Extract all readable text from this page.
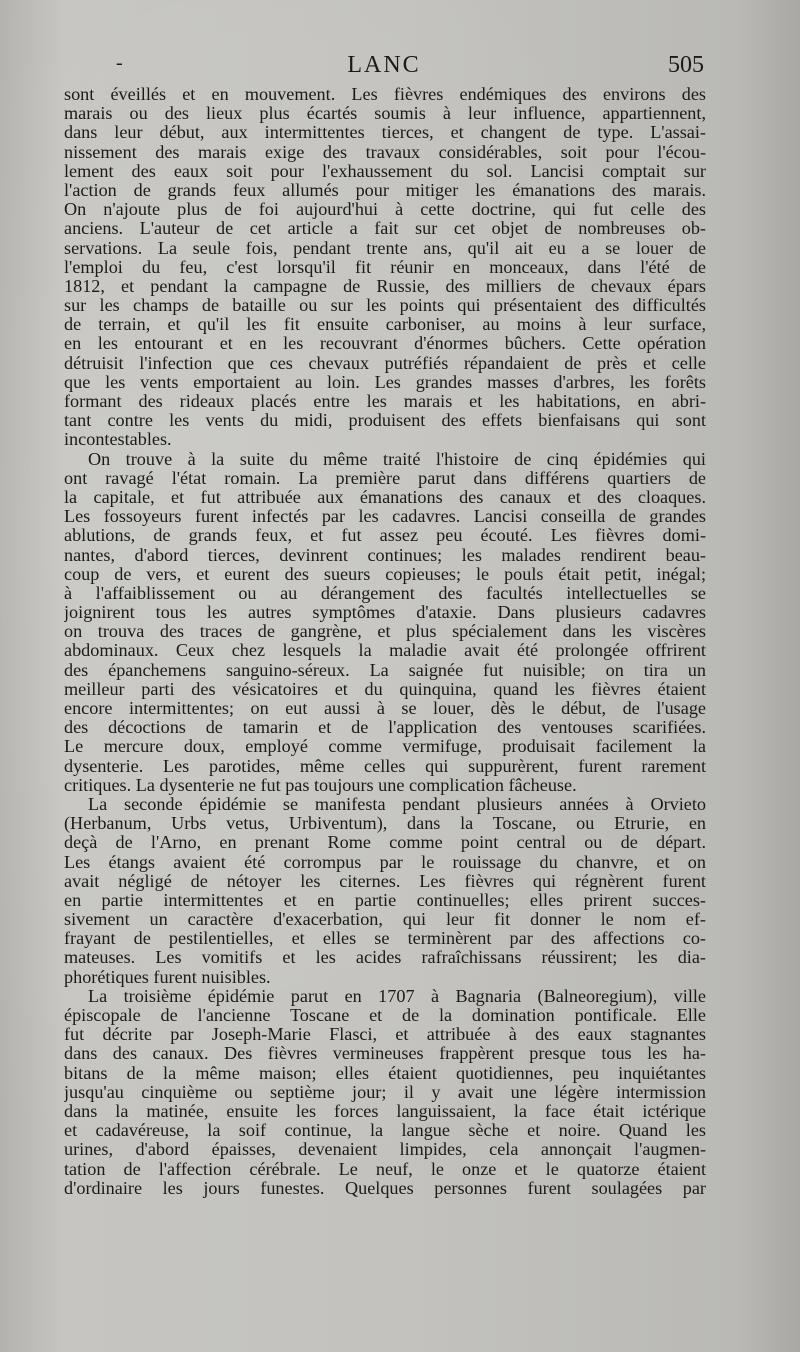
-	LANC	505
sont éveillés et en mouvement. Les fièvres endémiques des environs des
marais ou des lieux plus écartés soumis à leur influence, appartiennent,
dans leur début, aux intermittentes tierces, et changent de type. L'assai-
nissement des marais exige des travaux considérables, soit pour l'écou-
lement des eaux soit pour l'exhaussement du sol. Lancisi comptait sur
l'action de grands feux allumés pour mitiger les émanations des marais.
On n'ajoute plus de foi aujourd'hui à cette doctrine, qui fut celle des
anciens. L'auteur de cet article a fait sur cet objet de nombreuses ob-
servations. La seule fois, pendant trente ans, qu'il ait eu a se louer de
l'emploi du feu, c'est lorsqu'il fit réunir en monceaux, dans l'été de
1812, et pendant la campagne de Russie, des milliers de chevaux épars
sur les champs de bataille ou sur les points qui présentaient des difficultés
de terrain, et qu'il les fit ensuite carboniser, au moins à leur surface,
en les entourant et en les recouvrant d'énormes bûchers. Cette opération
détruisit l'infection que ces chevaux putréfiés répandaient de près et celle
que les vents emportaient au loin. Les grandes masses d'arbres, les forêts
formant des rideaux placés entre les marais et les habitations, en abri-
tant contre les vents du midi, produisent des effets bienfaisans qui sont
incontestables.
On trouve à la suite du même traité l'histoire de cinq épidémies qui
ont ravagé l'état romain. La première parut dans différens quartiers de
la capitale, et fut attribuée aux émanations des canaux et des cloaques.
Les fossoyeurs furent infectés par les cadavres. Lancisi conseilla de grandes
ablutions, de grands feux, et fut assez peu écouté. Les fièvres domi-
nantes, d'abord tierces, devinrent continues; les malades rendirent beau-
coup de vers, et eurent des sueurs copieuses; le pouls était petit, inégal;
à l'affaiblissement ou au dérangement des facultés intellectuelles se
joignirent tous les autres symptômes d'ataxie. Dans plusieurs cadavres
on trouva des traces de gangrène, et plus spécialement dans les viscères
abdominaux. Ceux chez lesquels la maladie avait été prolongée offrirent
des épanchemens sanguino-séreux. La saignée fut nuisible; on tira un
meilleur parti des vésicatoires et du quinquina, quand les fièvres étaient
encore intermittentes; on eut aussi à se louer, dès le début, de l'usage
des décoctions de tamarin et de l'application des ventouses scarifiées.
Le mercure doux, employé comme vermifuge, produisait facilement la
dysenterie. Les parotides, même celles qui suppurèrent, furent rarement
critiques. La dysenterie ne fut pas toujours une complication fâcheuse.
La seconde épidémie se manifesta pendant plusieurs années à Orvieto
(Herbanum, Urbs vetus, Urbiventum), dans la Toscane, ou Etrurie, en
deçà de l'Arno, en prenant Rome comme point central ou de départ.
Les étangs avaient été corrompus par le rouissage du chanvre, et on
avait négligé de nétoyer les citernes. Les fièvres qui régnèrent furent
en partie intermittentes et en partie continuelles; elles prirent succes-
sivement un caractère d'exacerbation, qui leur fit donner le nom ef-
frayant de pestilentielles, et elles se terminèrent par des affections co-
mateuses. Les vomitifs et les acides rafraîchissans réussirent; les dia-
phorétiques furent nuisibles.
La troisième épidémie parut en 1707 à Bagnaria (Balneoregium), ville
épiscopale de l'ancienne Toscane et de la domination pontificale. Elle
fut décrite par Joseph-Marie Flasci, et attribuée à des eaux stagnantes
dans des canaux. Des fièvres vermineuses frappèrent presque tous les ha-
bitans de la même maison; elles étaient quotidiennes, peu inquiétantes
jusqu'au cinquième ou septième jour; il y avait une légère intermission
dans la matinée, ensuite les forces languissaient, la face était ictérique
et cadavéreuse, la soif continue, la langue sèche et noire. Quand les
urines, d'abord épaisses, devenaient limpides, cela annonçait l'augmen-
tation de l'affection cérébrale. Le neuf, le onze et le quatorze étaient
d'ordinaire les jours funestes. Quelques personnes furent soulagées par
